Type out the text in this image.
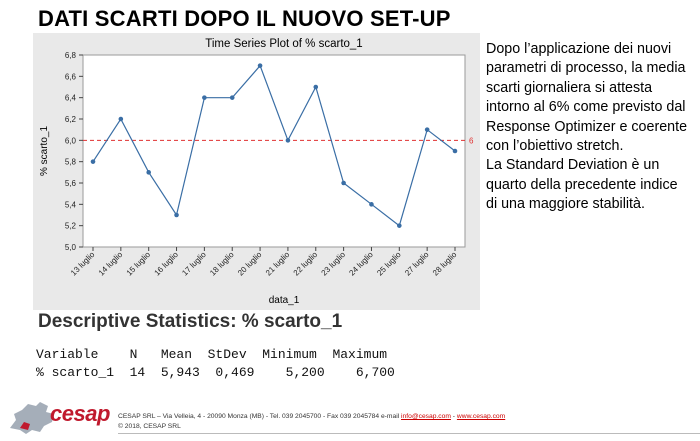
DATI SCARTI DOPO IL NUOVO SET-UP
Time Series Plot of % scarto_1
5,0
5,2
5,4
5,6
5,8
6,0
6,2
6,4
6,6
6,8
% scarto_1
13 luglio 14 luglio 15 luglio 16 luglio 17 luglio 18 luglio 20 luglio 21 luglio 22 luglio 23 luglio 24 luglio 25 luglio 27 luglio 28 luglio
data_1
6

Dopo l’applicazione dei nuovi parametri di processo, la media scarti giornaliera si attesta intorno al 6% come previsto dal Response Optimizer e coerente con l’obiettivo stretch.

La Standard Deviation è un quarto della precedente indice di una maggiore stabilità.

Descriptive Statistics: % scarto_1
Variable    N   Mean  StDev  Minimum  Maximum
% scarto_1  14  5,943  0,469    5,200    6,700
cesap CESAP SRL – Via Velleia, 4 - 20090 Monza (MB) - Tel. 039 2045700 - Fax 039 2045784 e-mail info@cesap.com - www.cesap.com
© 2018, CESAP SRL
